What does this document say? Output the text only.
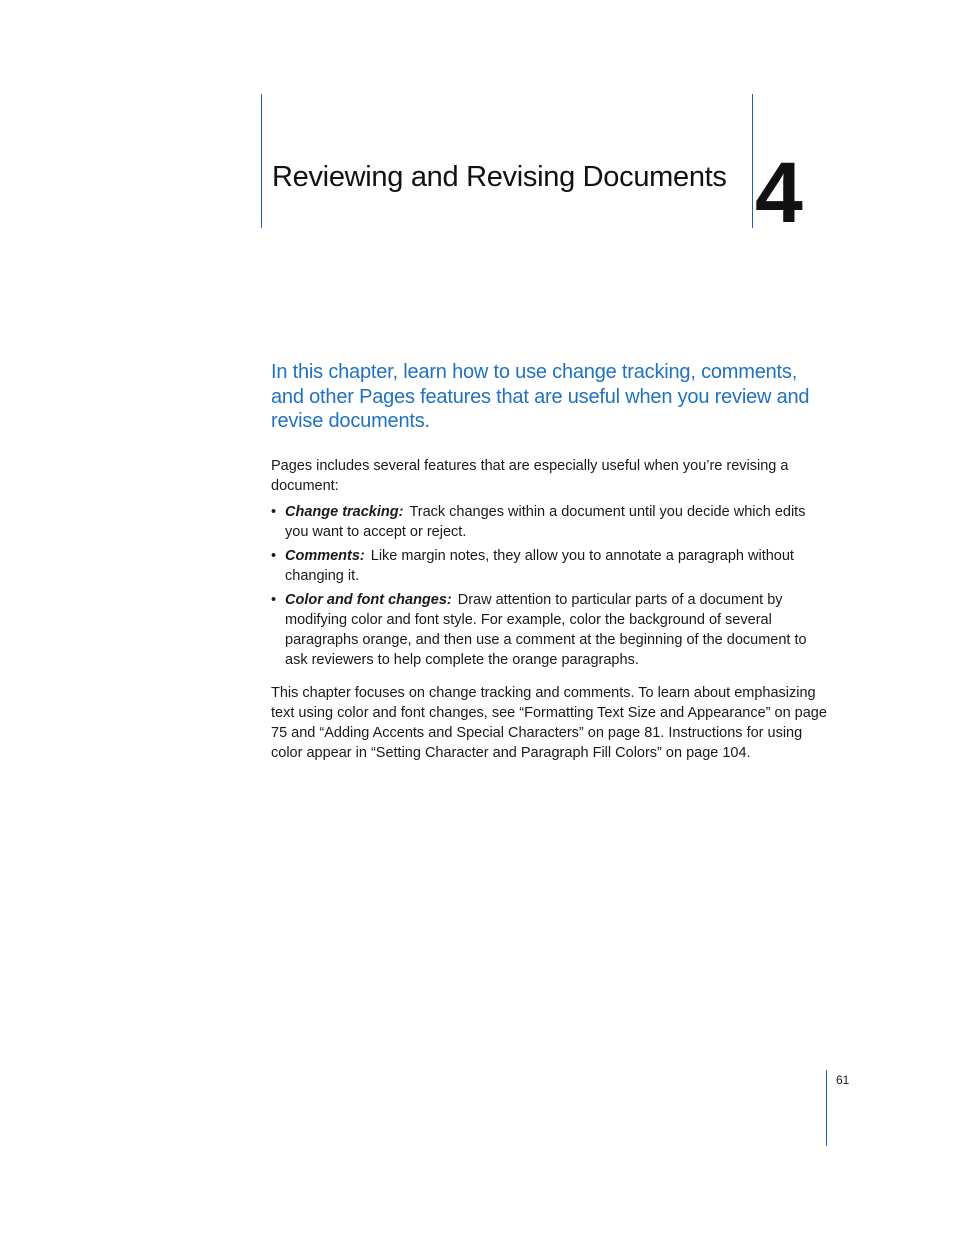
Reviewing and Revising Documents 4

In this chapter, learn how to use change tracking, comments, and other Pages features that are useful when you review and revise documents.

Pages includes several features that are especially useful when you’re revising a document:

• Change tracking: Track changes within a document until you decide which edits you want to accept or reject.
• Comments: Like margin notes, they allow you to annotate a paragraph without changing it.
• Color and font changes: Draw attention to particular parts of a document by modifying color and font style. For example, color the background of several paragraphs orange, and then use a comment at the beginning of the document to ask reviewers to help complete the orange paragraphs.

This chapter focuses on change tracking and comments. To learn about emphasizing text using color and font changes, see “Formatting Text Size and Appearance” on page 75 and “Adding Accents and Special Characters” on page 81. Instructions for using color appear in “Setting Character and Paragraph Fill Colors” on page 104.

61
